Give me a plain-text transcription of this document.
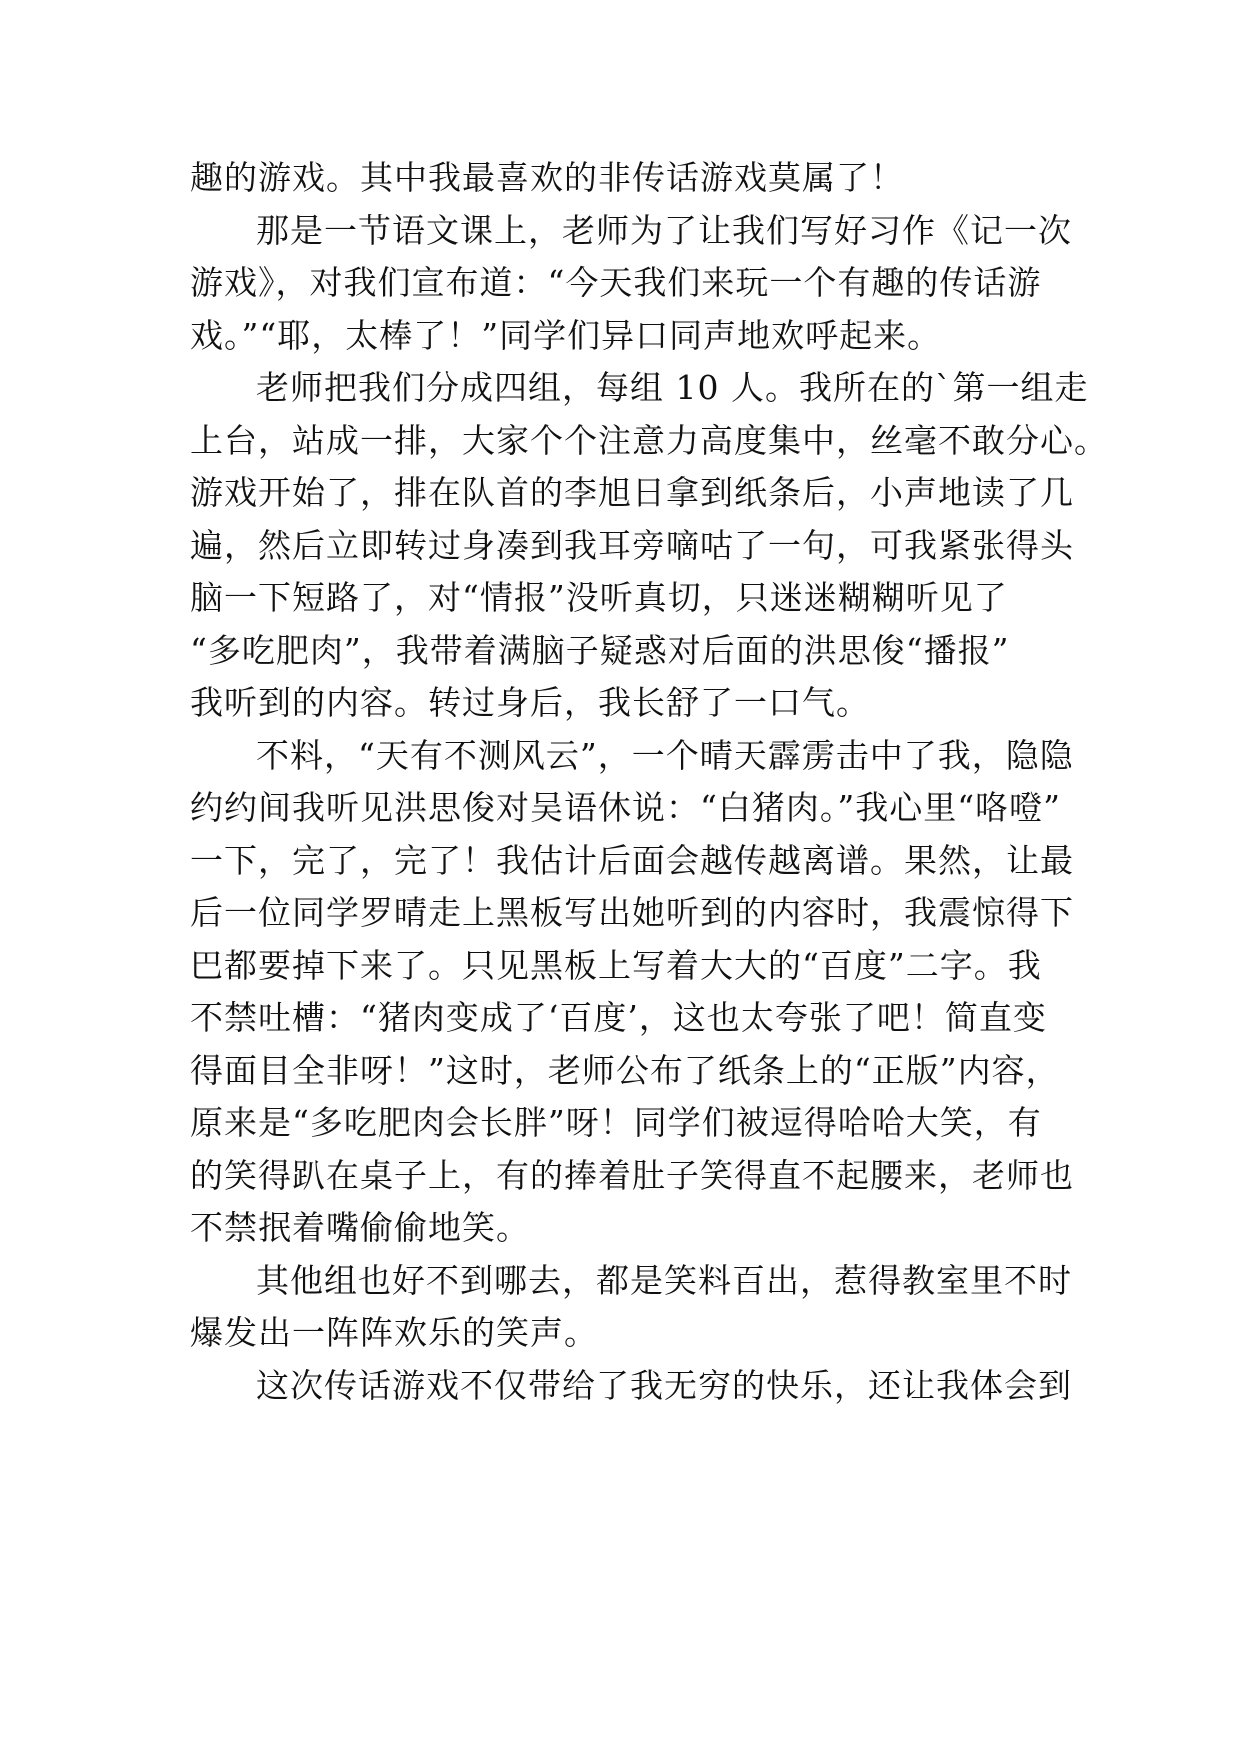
趣的游戏。其中我最喜欢的非传话游戏莫属了！
那是一节语文课上，老师为了让我们写好习作《记一次
游戏》，对我们宣布道：“今天我们来玩一个有趣的传话游
戏。”“耶，太棒了！”同学们异口同声地欢呼起来。
老师把我们分成四组，每组 10 人。我所在的`第一组走
上台，站成一排，大家个个注意力高度集中，丝毫不敢分心。
游戏开始了，排在队首的李旭日拿到纸条后，小声地读了几
遍，然后立即转过身凑到我耳旁嘀咕了一句，可我紧张得头
脑一下短路了，对“情报”没听真切，只迷迷糊糊听见了
“多吃肥肉”，我带着满脑子疑惑对后面的洪思俊“播报”
我听到的内容。转过身后，我长舒了一口气。
不料，“天有不测风云”，一个晴天霹雳击中了我，隐隐
约约间我听见洪思俊对吴语休说：“白猪肉。”我心里“咯噔”
一下，完了，完了！我估计后面会越传越离谱。果然，让最
后一位同学罗晴走上黑板写出她听到的内容时，我震惊得下
巴都要掉下来了。只见黑板上写着大大的“百度”二字。我
不禁吐槽：“猪肉变成了‘百度’，这也太夸张了吧！简直变
得面目全非呀！”这时，老师公布了纸条上的“正版”内容，
原来是“多吃肥肉会长胖”呀！同学们被逗得哈哈大笑，有
的笑得趴在桌子上，有的捧着肚子笑得直不起腰来，老师也
不禁抿着嘴偷偷地笑。
其他组也好不到哪去，都是笑料百出，惹得教室里不时
爆发出一阵阵欢乐的笑声。
这次传话游戏不仅带给了我无穷的快乐，还让我体会到
